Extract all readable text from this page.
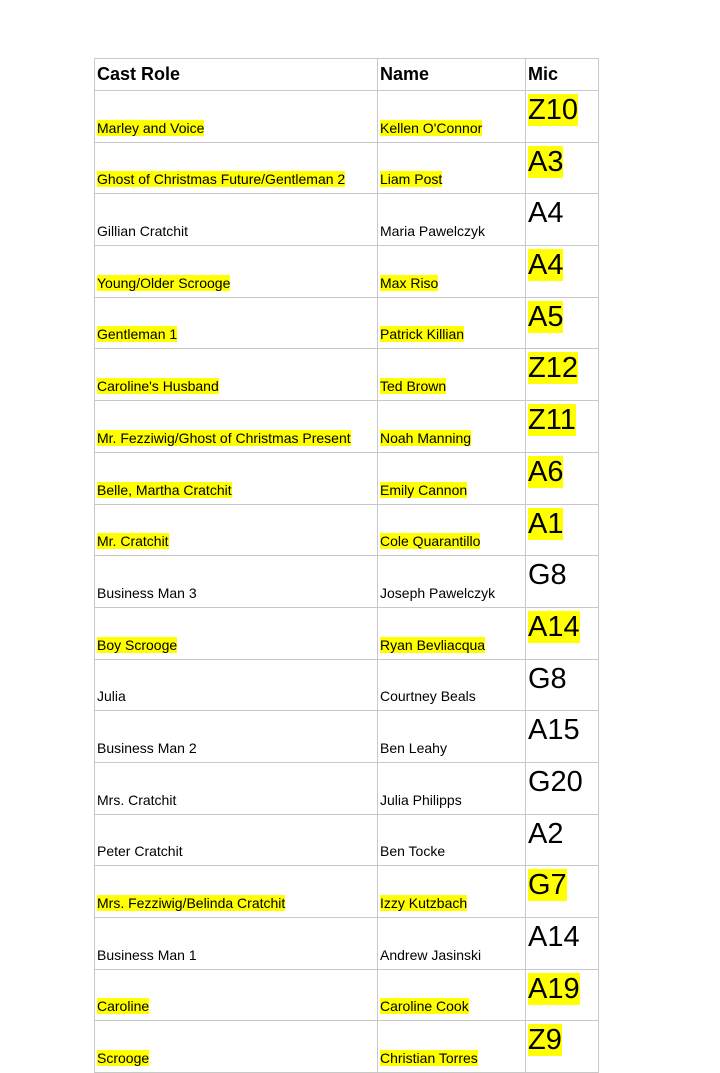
Cast Role	Name	Mic
Marley and Voice	Kellen O'Connor	Z10
Ghost of Christmas Future/Gentleman 2	Liam Post	A3
Gillian Cratchit	Maria Pawelczyk	A4
Young/Older Scrooge	Max Riso	A4
Gentleman 1	Patrick Killian	A5
Caroline's Husband	Ted Brown	Z12
Mr. Fezziwig/Ghost of Christmas Present	Noah Manning	Z11
Belle, Martha Cratchit	Emily Cannon	A6
Mr. Cratchit	Cole Quarantillo	A1
Business Man 3	Joseph Pawelczyk	G8
Boy Scrooge	Ryan Bevliacqua	A14
Julia	Courtney Beals	G8
Business Man 2	Ben Leahy	A15
Mrs. Cratchit	Julia Philipps	G20
Peter Cratchit	Ben Tocke	A2
Mrs. Fezziwig/Belinda Cratchit	Izzy Kutzbach	G7
Business Man 1	Andrew Jasinski	A14
Caroline	Caroline Cook	A19
Scrooge	Christian Torres	Z9
